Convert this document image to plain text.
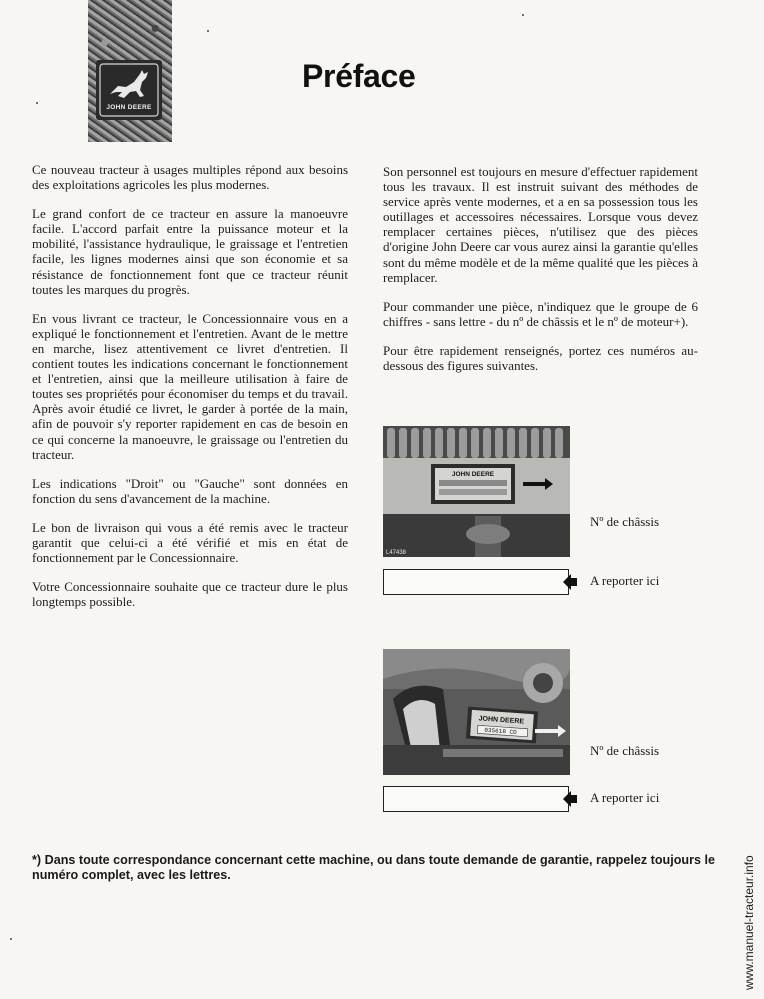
JOHN DEERE
Préface

Ce nouveau tracteur à usages multiples répond aux besoins des exploitations agricoles les plus modernes.

Le grand confort de ce tracteur en assure la manoeuvre facile. L'accord parfait entre la puissance moteur et la mobilité, l'assistance hydraulique, le graissage et l'entretien facile, les lignes modernes ainsi que son économie et sa résistance de fonctionnement font que ce tracteur réunit toutes les marques du progrès.

En vous livrant ce tracteur, le Concessionnaire vous en a expliqué le fonctionnement et l'entretien. Avant de le mettre en marche, lisez attentivement ce livret d'entretien. Il contient toutes les indications concernant le fonctionnement et l'entretien, ainsi que la meilleure utilisation à faire de toutes ses propriétés pour économiser du temps et du travail. Après avoir étudié ce livret, le garder à portée de la main, afin de pouvoir s'y reporter rapidement en cas de besoin en ce qui concerne la manoeuvre, le graissage ou l'entretien du tracteur.

Les indications "Droit" ou "Gauche" sont données en fonction du sens d'avancement de la machine.

Le bon de livraison qui vous a été remis avec le tracteur garantit que celui-ci a été vérifié et mis en état de fonctionnement par le Concessionnaire.

Votre Concessionnaire souhaite que ce tracteur dure le plus longtemps possible.

Son personnel est toujours en mesure d'effectuer rapidement tous les travaux. Il est instruit suivant des méthodes de service après vente modernes, et a en sa possession tous les outillages et accessoires nécessaires. Lorsque vous devez remplacer certaines pièces, n'utilisez que des pièces d'origine John Deere car vous aurez ainsi la garantie qu'elles sont du même modèle et de la même qualité que les pièces à remplacer.

Pour commander une pièce, n'indiquez que le groupe de 6 chiffres - sans lettre - du nº de châssis et le nº de moteur+).

Pour être rapidement renseignés, portez ces numéros au-dessous des figures suivantes.

JOHN DEERE
L47438
Nº de châssis
A reporter ici
JOHN DEERE
035618 CD
Nº de châssis
A reporter ici

*) Dans toute correspondance concernant cette machine, ou dans toute demande de garantie, rappelez toujours le numéro complet, avec les lettres.	www.manuel-tracteur.info
